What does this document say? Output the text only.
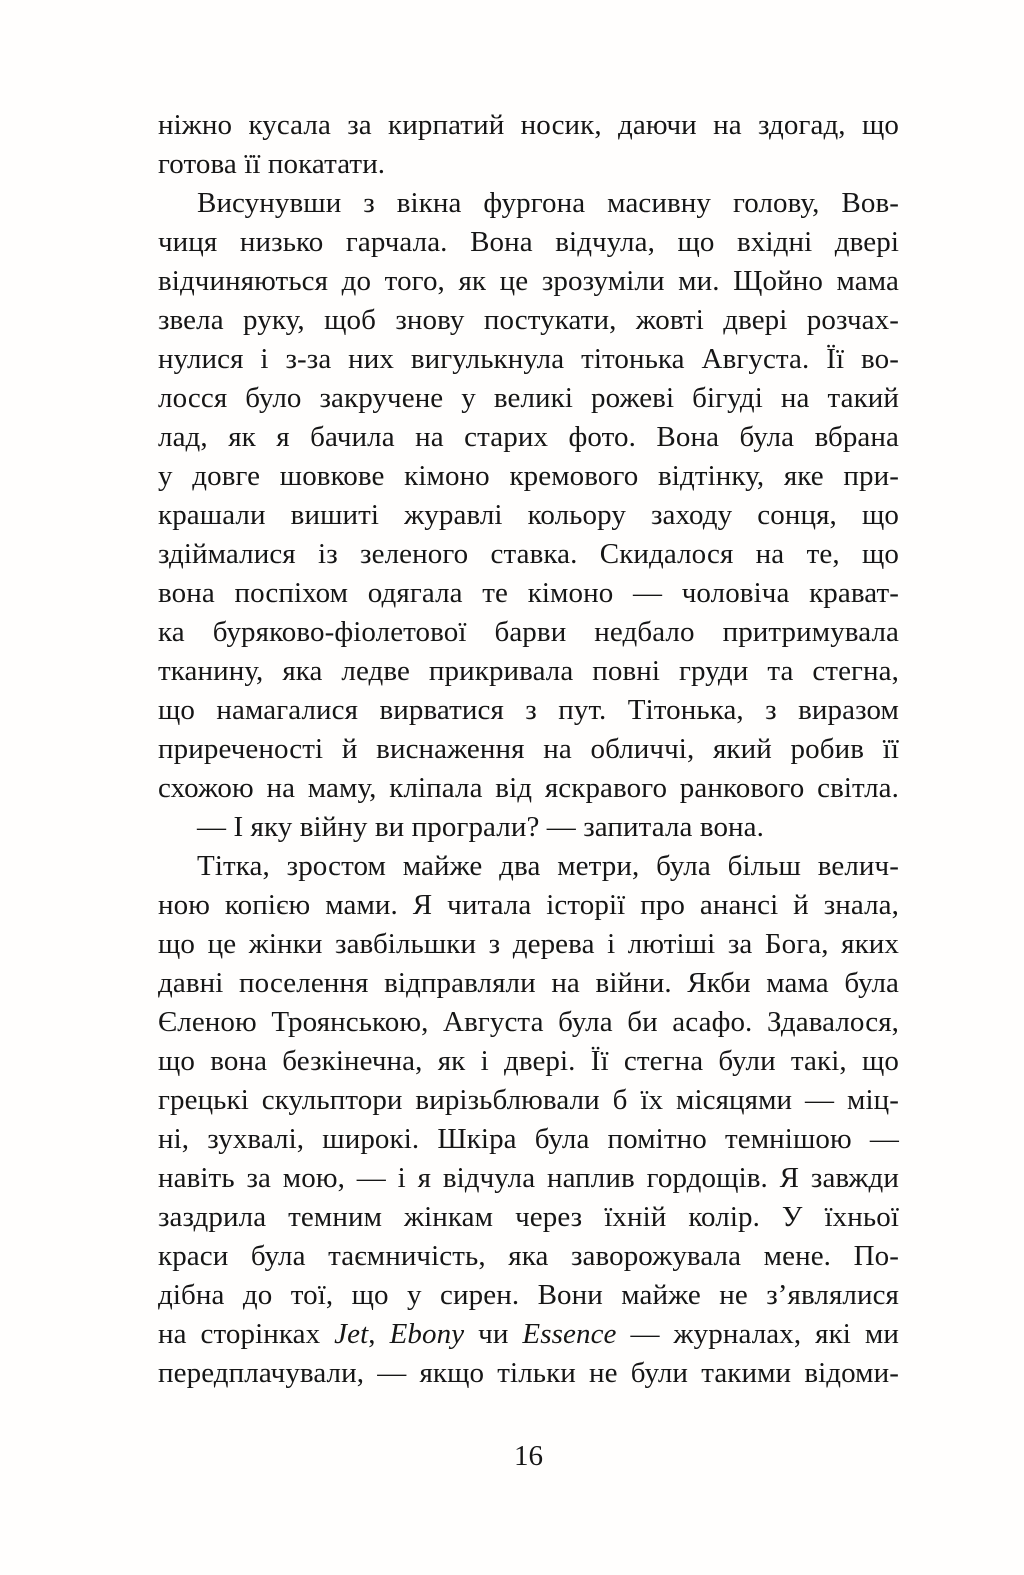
ніжно кусала за кирпатий носик, даючи на здогад, що
готова її покатати.
Висунувши з вікна фургона масивну голову, Вов-
чиця низько гарчала. Вона відчула, що вхідні двері
відчиняються до того, як це зрозуміли ми. Щойно мама
звела руку, щоб знову постукати, жовті двері розчах-
нулися і з-за них вигулькнула тітонька Августа. Її во-
лосся було закручене у великі рожеві бігуді на такий
лад, як я бачила на старих фото. Вона була вбрана
у довге шовкове кімоно кремового відтінку, яке при-
крашали вишиті журавлі кольору заходу сонця, що
здіймалися із зеленого ставка. Скидалося на те, що
вона поспіхом одягала те кімоно — чоловіча крават-
ка буряково-фіолетової барви недбало притримувала
тканину, яка ледве прикривала повні груди та стегна,
що намагалися вирватися з пут. Тітонька, з виразом
приреченості й виснаження на обличчі, який робив її
схожою на маму, кліпала від яскравого ранкового світла.
— І яку війну ви програли? — запитала вона.
Тітка, зростом майже два метри, була більш велич-
ною копією мами. Я читала історії про анансі й знала,
що це жінки завбільшки з дерева і лютіші за Бога, яких
давні поселення відправляли на війни. Якби мама була
Єленою Троянською, Августа була би асафо. Здавалося,
що вона безкінечна, як і двері. Її стегна були такі, що
грецькі скульптори вирізьблювали б їх місяцями — міц-
ні, зухвалі, широкі. Шкіра була помітно темнішою —
навіть за мою, — і я відчула наплив гордощів. Я завжди
заздрила темним жінкам через їхній колір. У їхньої
краси була таємничість, яка заворожувала мене. По-
дібна до тої, що у сирен. Вони майже не з’являлися
на сторінках Jet, Ebony чи Essence — журналах, які ми
передплачували, — якщо тільки не були такими відоми-
16
